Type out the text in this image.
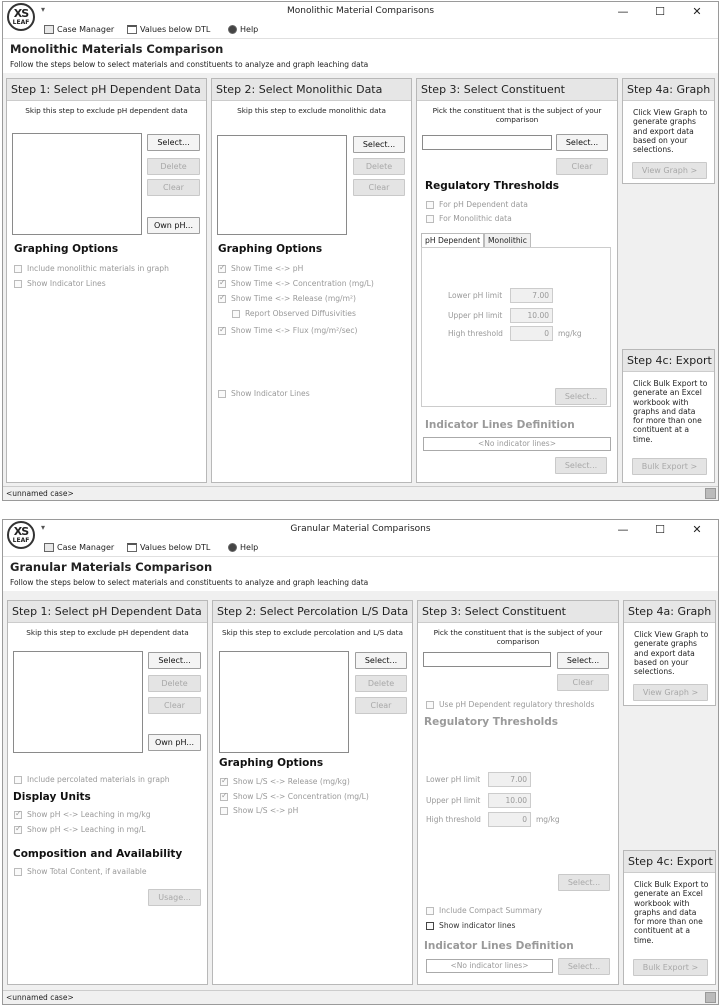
XS
LEAF
▾	Monolithic Material Comparisons	—	☐	✕
Case Manager	Values below DTL	Help
Monolithic Materials Comparison
Follow the steps below to select materials and constituents to analyze and graph leaching data
Step 1: Select pH Dependent Data
Skip this step to exclude pH dependent data
Select...
Delete
Clear
Own pH...
Graphing Options
Include monolithic materials in graph
Show Indicator Lines
Step 2: Select Monolithic Data
Skip this step to exclude monolithic data
Select...
Delete
Clear
Graphing Options
✓
Show Time <-> pH
✓
Show Time <-> Concentration (mg/L)
✓
Show Time <-> Release (mg/m²)
Report Observed Diffusivities
✓
Show Time <-> Flux (mg/m²/sec)
Show Indicator Lines
Step 3: Select Constituent
Pick the constituent that is the subject of your comparison
Select...
Clear
Regulatory Thresholds
For pH Dependent data
For Monolithic data
pH Dependent	Monolithic
Lower pH limit	7.00
Upper pH limit	10.00
High threshold	0	mg/kg
Select...
Indicator Lines Definition
<No indicator lines>
Select...
Step 4a: Graph
Click View Graph to generate graphs and export data based on your selections.
View Graph >
Step 4c: Export
Click Bulk Export to generate an Excel workbook with graphs and data for more than one contituent at a time.
Bulk Export >
<unnamed case>
XS
LEAF
▾	Granular Material Comparisons	—	☐	✕
Case Manager	Values below DTL	Help
Granular Materials Comparison
Follow the steps below to select materials and constituents to analyze and graph leaching data
Step 1: Select pH Dependent Data
Skip this step to exclude pH dependent data
Select...
Delete
Clear
Own pH...
Include percolated materials in graph
Display Units
✓
Show pH <-> Leaching in mg/kg
✓
Show pH <-> Leaching in mg/L
Composition and Availability
Show Total Content, if available
Usage...
Step 2: Select Percolation L/S Data
Skip this step to exclude percolation and L/S data
Select...
Delete
Clear
Graphing Options
✓
Show L/S <-> Release (mg/kg)
✓
Show L/S <-> Concentration (mg/L)
Show L/S <-> pH
Step 3: Select Constituent
Pick the constituent that is the subject of your comparison
Select...
Clear
Use pH Dependent regulatory thresholds
Regulatory Thresholds
Lower pH limit	7.00
Upper pH limit	10.00
High threshold	0	mg/kg
Select...
Include Compact Summary
Show indicator lines
Indicator Lines Definition
<No indicator lines>	Select...
Step 4a: Graph
Click View Graph to generate graphs and export data based on your selections.
View Graph >
Step 4c: Export
Click Bulk Export to generate an Excel workbook with graphs and data for more than one contituent at a time.
Bulk Export >
<unnamed case>
